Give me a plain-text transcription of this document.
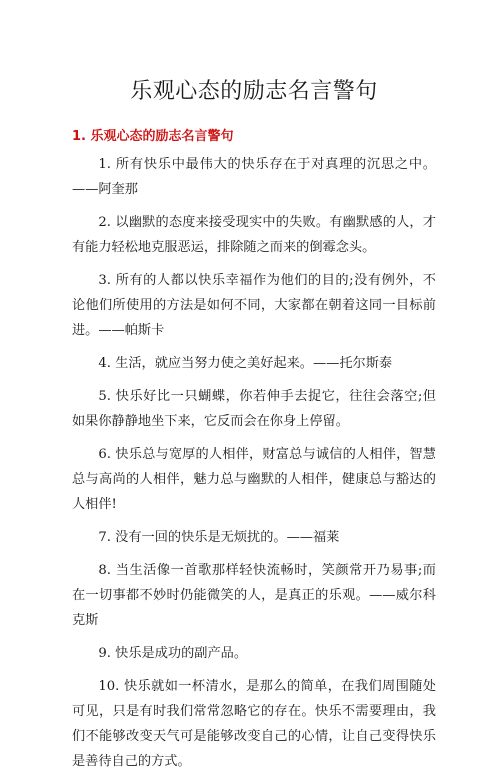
乐观心态的励志名言警句
1. 乐观心态的励志名言警句
1. 所有快乐中最伟大的快乐存在于对真理的沉思之中。——阿奎那
2. 以幽默的态度来接受现实中的失败。有幽默感的人，才有能力轻松地克服恶运，排除随之而来的倒霉念头。
3. 所有的人都以快乐幸福作为他们的目的;没有例外，不论他们所使用的方法是如何不同，大家都在朝着这同一目标前进。——帕斯卡
4. 生活，就应当努力使之美好起来。——托尔斯泰
5. 快乐好比一只蝴蝶，你若伸手去捉它，往往会落空;但如果你静静地坐下来，它反而会在你身上停留。
6. 快乐总与宽厚的人相伴，财富总与诚信的人相伴，智慧总与高尚的人相伴，魅力总与幽默的人相伴，健康总与豁达的人相伴!
7. 没有一回的快乐是无烦扰的。——福莱
8. 当生活像一首歌那样轻快流畅时，笑颜常开乃易事;而在一切事都不妙时仍能微笑的人，是真正的乐观。——威尔科克斯
9. 快乐是成功的副产品。
10. 快乐就如一杯清水，是那么的简单，在我们周围随处可见，只是有时我们常常忽略它的存在。快乐不需要理由，我们不能够改变天气可是能够改变自己的心情，让自己变得快乐是善待自己的方式。
